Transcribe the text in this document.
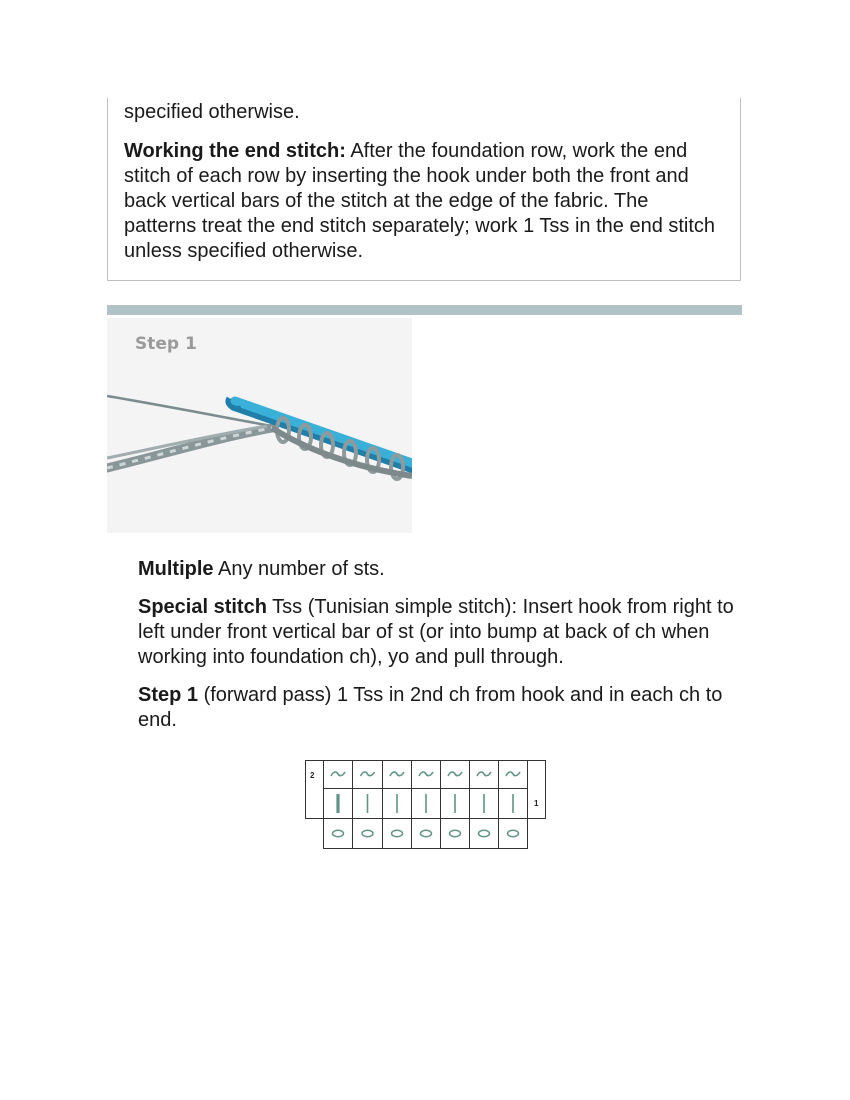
specified otherwise.

Working the end stitch: After the foundation row, work the end stitch of each row by inserting the hook under both the front and back vertical bars of the stitch at the edge of the fabric. The patterns treat the end stitch separately; work 1 Tss in the end stitch unless specified otherwise.

Step 1

Multiple Any number of sts.

Special stitch Tss (Tunisian simple stitch): Insert hook from right to left under front vertical bar of st (or into bump at back of ch when working into foundation ch), yo and pull through.

Step 1 (forward pass) 1 Tss in 2nd ch from hook and in each ch to end.

2
1
